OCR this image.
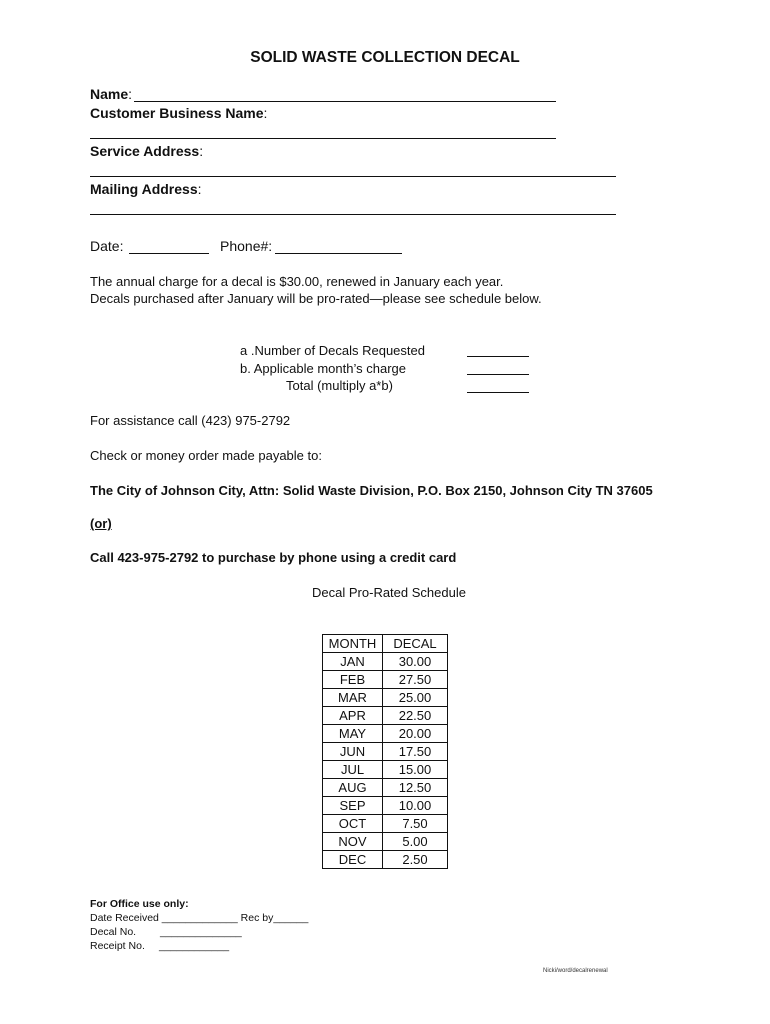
SOLID WASTE COLLECTION DECAL
Name:
Customer Business Name:
Service Address:
Mailing Address:
Date:	Phone#:
The annual charge for a decal is $30.00, renewed in January each year.
Decals purchased after January will be pro-rated—please see schedule below.
a .Number of Decals Requested
b. Applicable month’s charge
Total (multiply a*b)
For assistance call (423) 975-2792
Check or money order made payable to:
The City of Johnson City, Attn: Solid Waste Division, P.O. Box 2150, Johnson City TN 37605
(or)
Call 423-975-2792 to purchase by phone using a credit card
Decal Pro-Rated Schedule
MONTH	DECAL
JAN	30.00
FEB	27.50
MAR	25.00
APR	22.50
MAY	20.00
JUN	17.50
JUL	15.00
AUG	12.50
SEP	10.00
OCT	7.50
NOV	5.00
DEC	2.50
For Office use only:
Date Received _____________ Rec by______
Decal No. ______________
Receipt No. ____________
Nicki/word/decalrenewal
